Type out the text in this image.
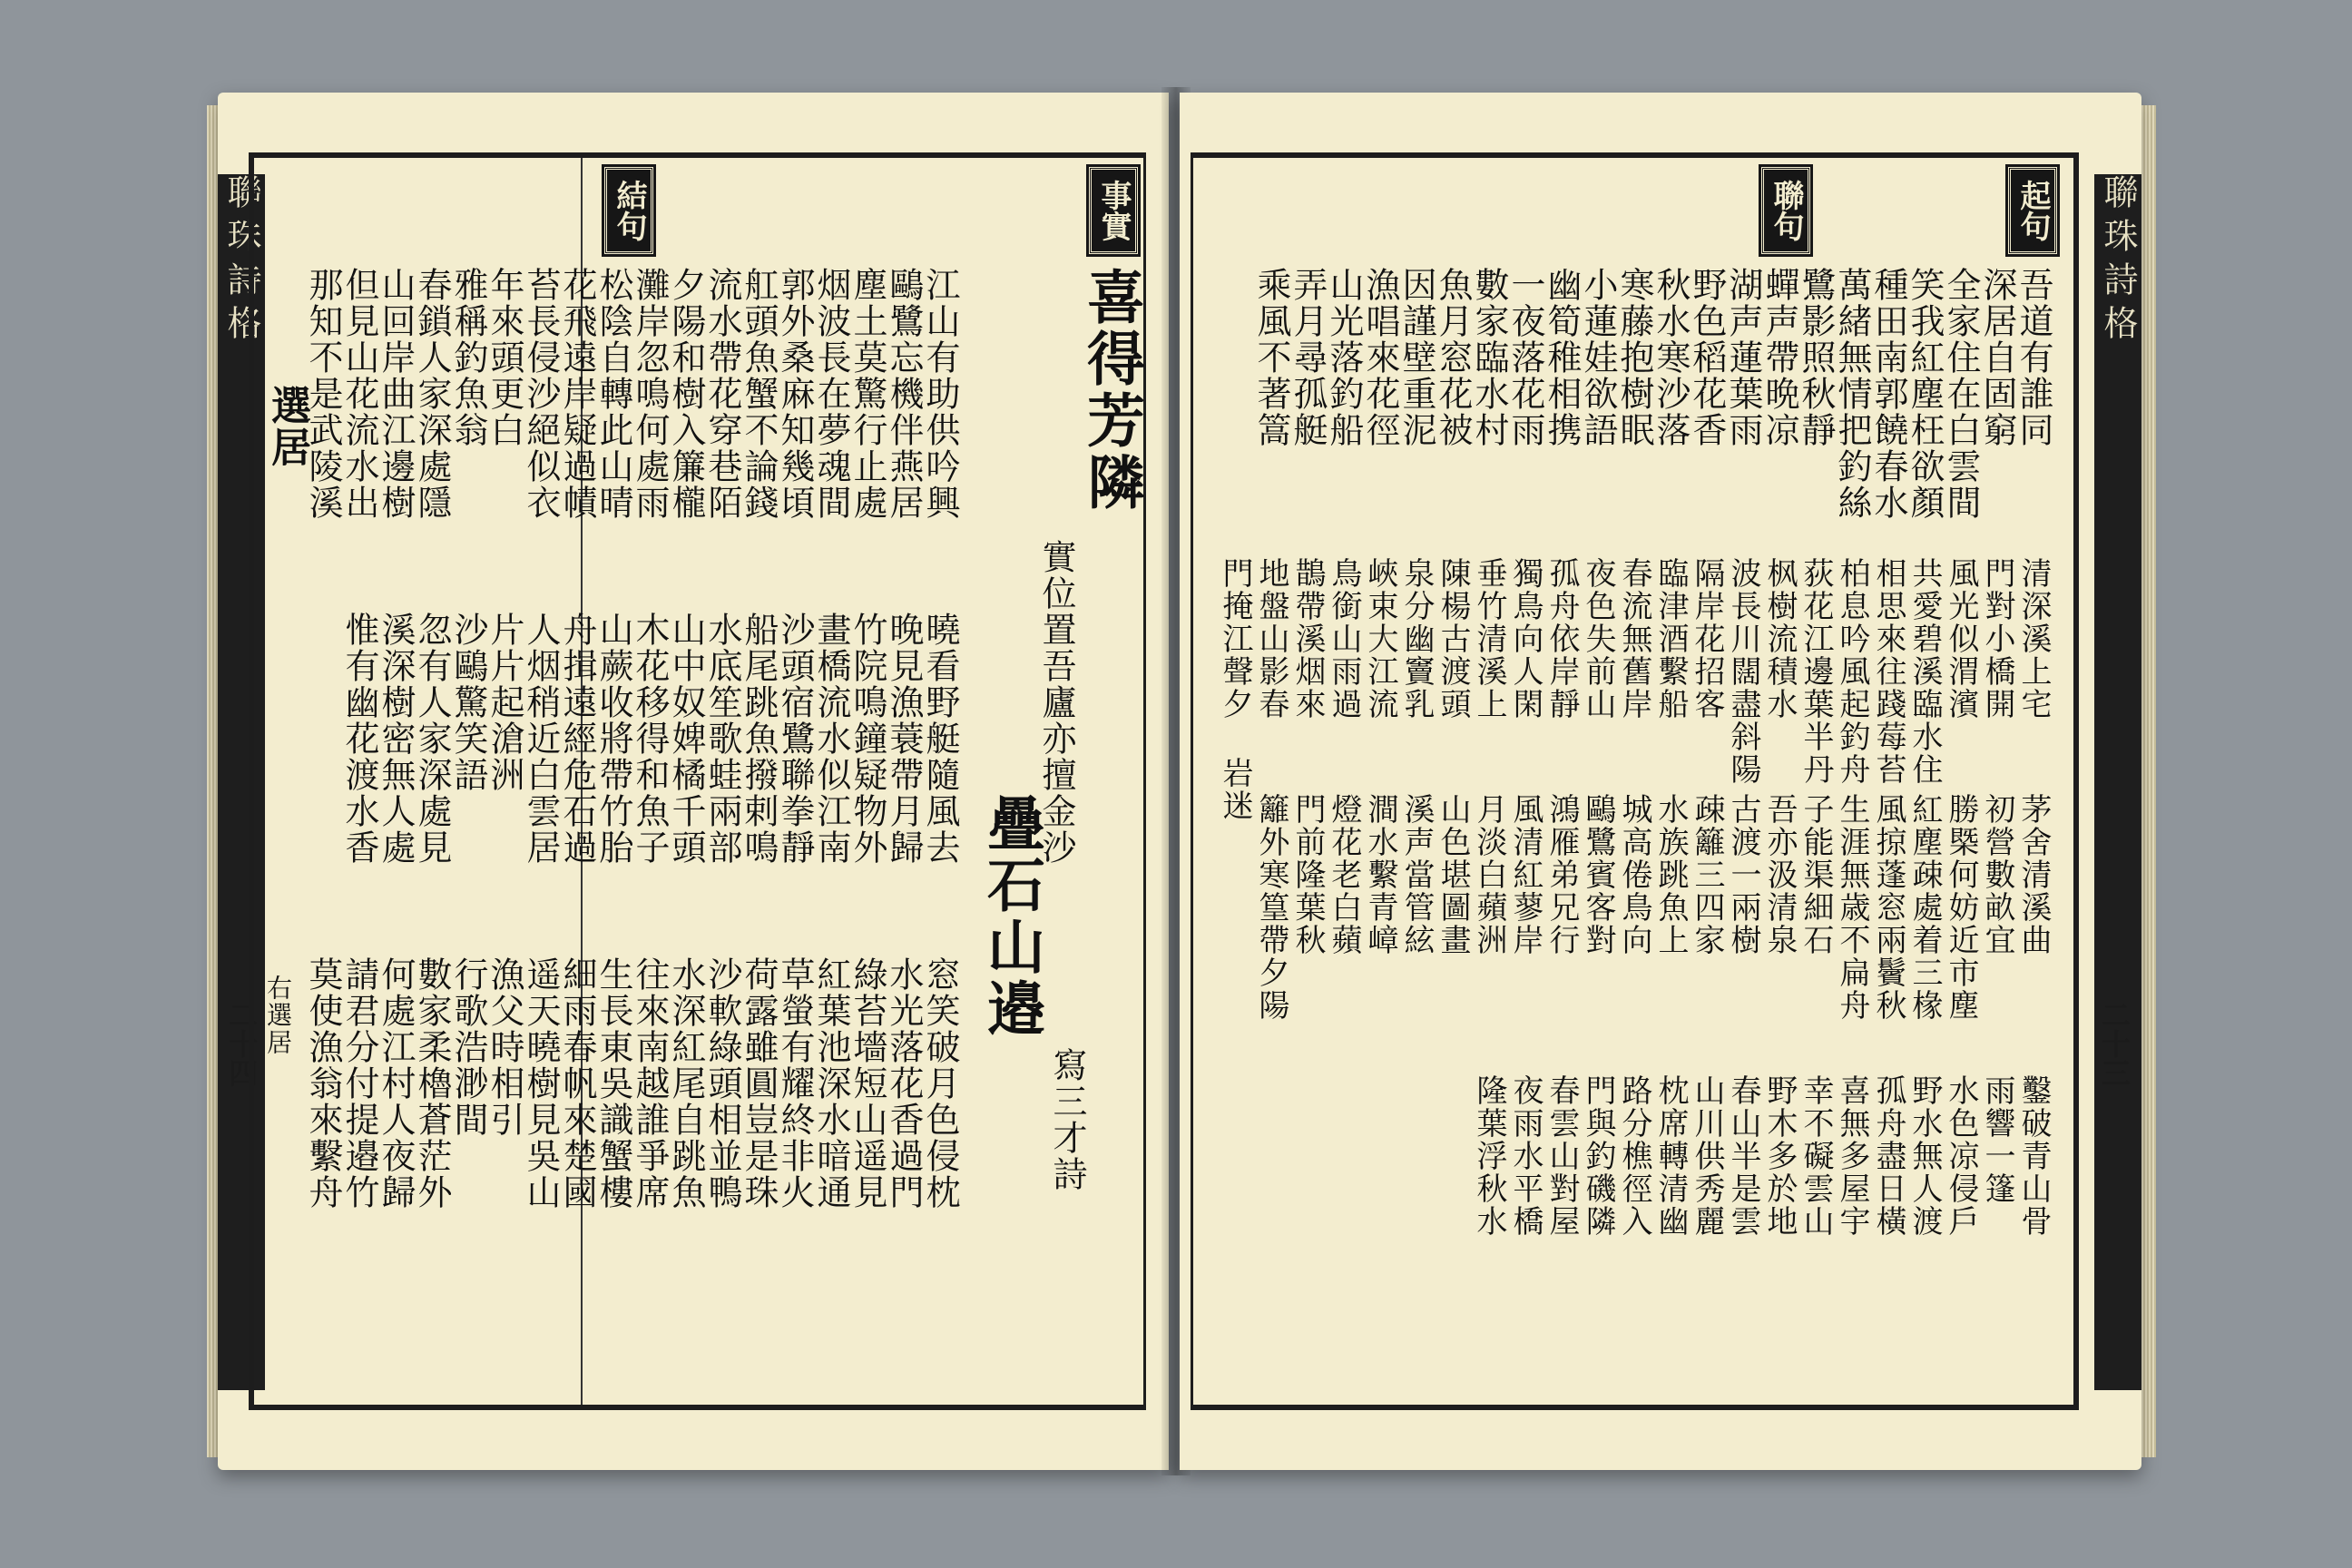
聯珠詩格
二十四
事實
喜得芳隣
實位置吾廬亦擅金沙
疊石山邉
寫三才詩
結句
江山有助供吟興
鷗鷺忘機伴燕居
塵土莫驚行止處
烟波長在夢魂間
郭外桑麻知幾頃
舡頭魚蟹不論錢
流水帶花穿巷陌
夕陽和樹入簾櫳
灘岸忽鳴何處雨
松陰自轉此山晴
花飛遠岸疑過幘
苔長侵沙絕似衣
年來頭更白
雅稱釣魚翁
春鎖人家深處隱
山回岸曲江邊樹
但見山花流水出
那知不是武陵溪
選居
曉看野艇隨風去
晚見漁蓑帶月歸
竹院鳴鐘疑物外
畫橋流水似江南
沙頭宿鷺聯拳靜
船尾跳魚撥剌鳴
水底笙歌蛙兩部
山中奴婢橘千頭
木花移得和魚子
山蕨收將帶竹胎
舟揖遠經危石過
人烟稍近白雲居
片片起滄洲
沙鷗驚笑語
忽有人家深處見
溪深樹密無人處
惟有幽花渡水香
窓笑破月色侵枕
水光落花香過門
綠苔墻短山遥見
紅葉池深水暗通
草螢有耀終非火
荷露雖圓豈是珠
沙軟綠頭相並鴨
水深紅尾自跳魚
往來南越誰爭席
生長東吳識蟹樓
細雨春帆來楚國
遥天曉樹見吳山
漁父時相引
行歌浩渺間
數家柔櫓蒼茫外
何處江村人夜歸
請君分付提邉竹
莫使漁翁來繫舟
右選居
聯珠詩格
二十三
起句
吾道有誰同
深居自固窮
全家住在白雲間
笑我紅塵枉欲顏
種田南郭饒春水
萬緒無情把釣絲
鷺影照秋靜
蟬声帶晩凉
湖声蓮葉雨
野色稻花香
秋水寒沙落
寒藤抱樹眠
聯句
小蓮娃欲語
幽筍稚相携
一夜落花雨
數家臨水村
魚月窓花被
因謹壁重泥
漁唱來花徑
山光落釣船
弄月尋孤艇
乘風不著篙
清深溪上宅
門對小橋開
風光似渭濱
共愛碧溪臨水住
相思來往踐莓苔
柏息吟風起釣舟
荻花江邊葉半丹
枫樹流積水
波長川闊盡斜陽
隔岸花招客
臨津酒繫船
春流無舊岸
夜色失前山
孤舟依岸靜
獨鳥向人閑
垂竹清溪上
陳楊古渡頭
泉分幽竇乳
峽束大江流
鳥銜山雨過
鵲帶溪烟來
地盤山影春
門掩江聲夕
岩迷
茅舍清溪曲
初營數畝宜
勝槩何妨近市塵
紅塵疎處着三椽
風掠蓬窓兩鬢秋
生涯無歳不扁舟
子能渠細石
吾亦汲清泉
古渡一兩樹
疎籬三四家
水族跳魚上
城高倦鳥向
鷗鷺賓客對
鴻雁弟兄行
風清紅蓼岸
月淡白蘋洲
山色堪圖畫
溪声當管絃
澗水繫青嶂
燈花老白蘋
門前隆葉秋
籬外寒篁帶夕陽
鑿破青山骨
雨響一篷
水色凉侵戶
野水無人渡
孤舟盡日橫
喜無多屋宇
幸不礙雲山
野木多於地
春山半是雲
山川供秀麗
枕席轉清幽
路分樵徑入
門與釣磯隣
春雲山對屋
夜雨水平橋
隆葉浮秋水
